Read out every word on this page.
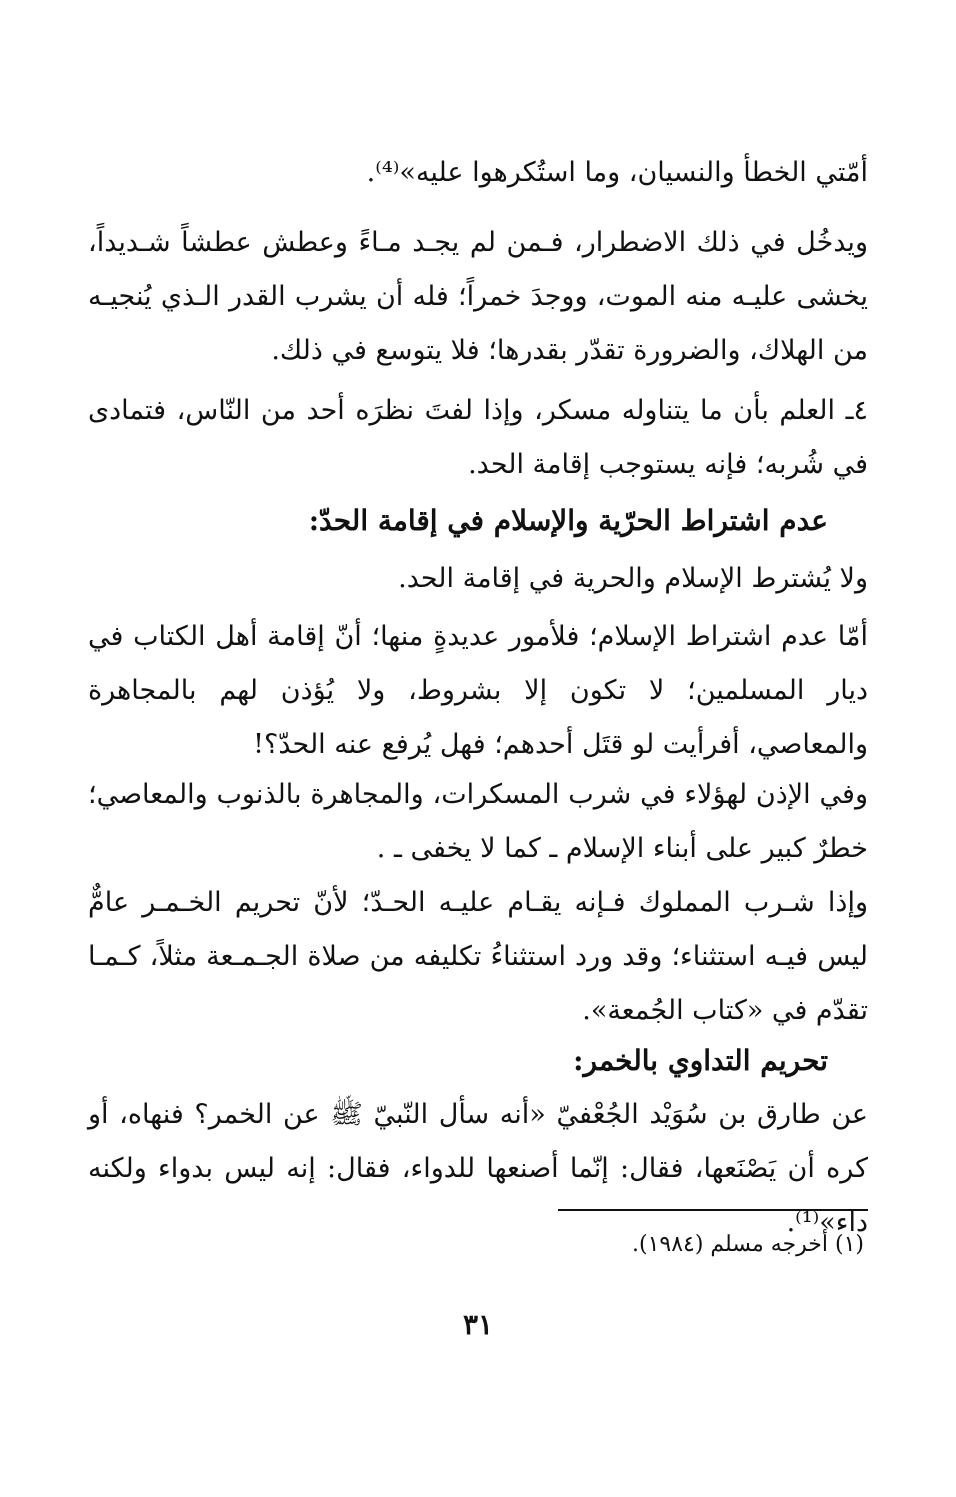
أمّتي الخطأ والنسيان، وما استُكرهوا عليه»⁽⁴⁾.
ويدخُل في ذلك الاضطرار، فـمن لم يجـد مـاءً وعطش عطشاً شـديداً، يخشى عليـه منه الموت، ووجدَ خمراً؛ فله أن يشرب القدر الـذي يُنجيـه من الهلاك، والضرورة تقدّر بقدرها؛ فلا يتوسع في ذلك.
٤ـ العلم بأن ما يتناوله مسكر، وإذا لفتَ نظرَه أحد من النّاس، فتمادى في شُربه؛ فإنه يستوجب إقامة الحد.
عدم اشتراط الحرّية والإسلام في إقامة الحدّ:
ولا يُشترط الإسلام والحرية في إقامة الحد.
أمّا عدم اشتراط الإسلام؛ فلأمور عديدةٍ منها؛ أنّ إقامة أهل الكتاب في ديار المسلمين؛ لا تكون إلا بشروط، ولا يُؤذن لهم بالمجاهرة والمعاصي، أفرأيت لو قتَل أحدهم؛ فهل يُرفع عنه الحدّ؟!
وفي الإذن لهؤلاء في شرب المسكرات، والمجاهرة بالذنوب والمعاصي؛ خطرٌ كبير على أبناء الإسلام ـ كما لا يخفى ـ .
وإذا شـرب المملوك فـإنه يقـام عليـه الحـدّ؛ لأنّ تحريم الخـمـر عامٌّ ليس فيـه استثناء؛ وقد ورد استثناءُ تكليفه من صلاة الجـمـعة مثلاً، كـمـا تقدّم في «كتاب الجُمعة».
تحريم التداوي بالخمر:
عن طارق بن سُوَيْد الجُعْفيّ «أنه سأل النّبيّ ﷺ عن الخمر؟ فنهاه، أو كره أن يَصْنَعها، فقال: إنّما أصنعها للدواء، فقال: إنه ليس بدواء ولكنه داء»⁽¹⁾.
(١) أخرجه مسلم (١٩٨٤).
٣١
